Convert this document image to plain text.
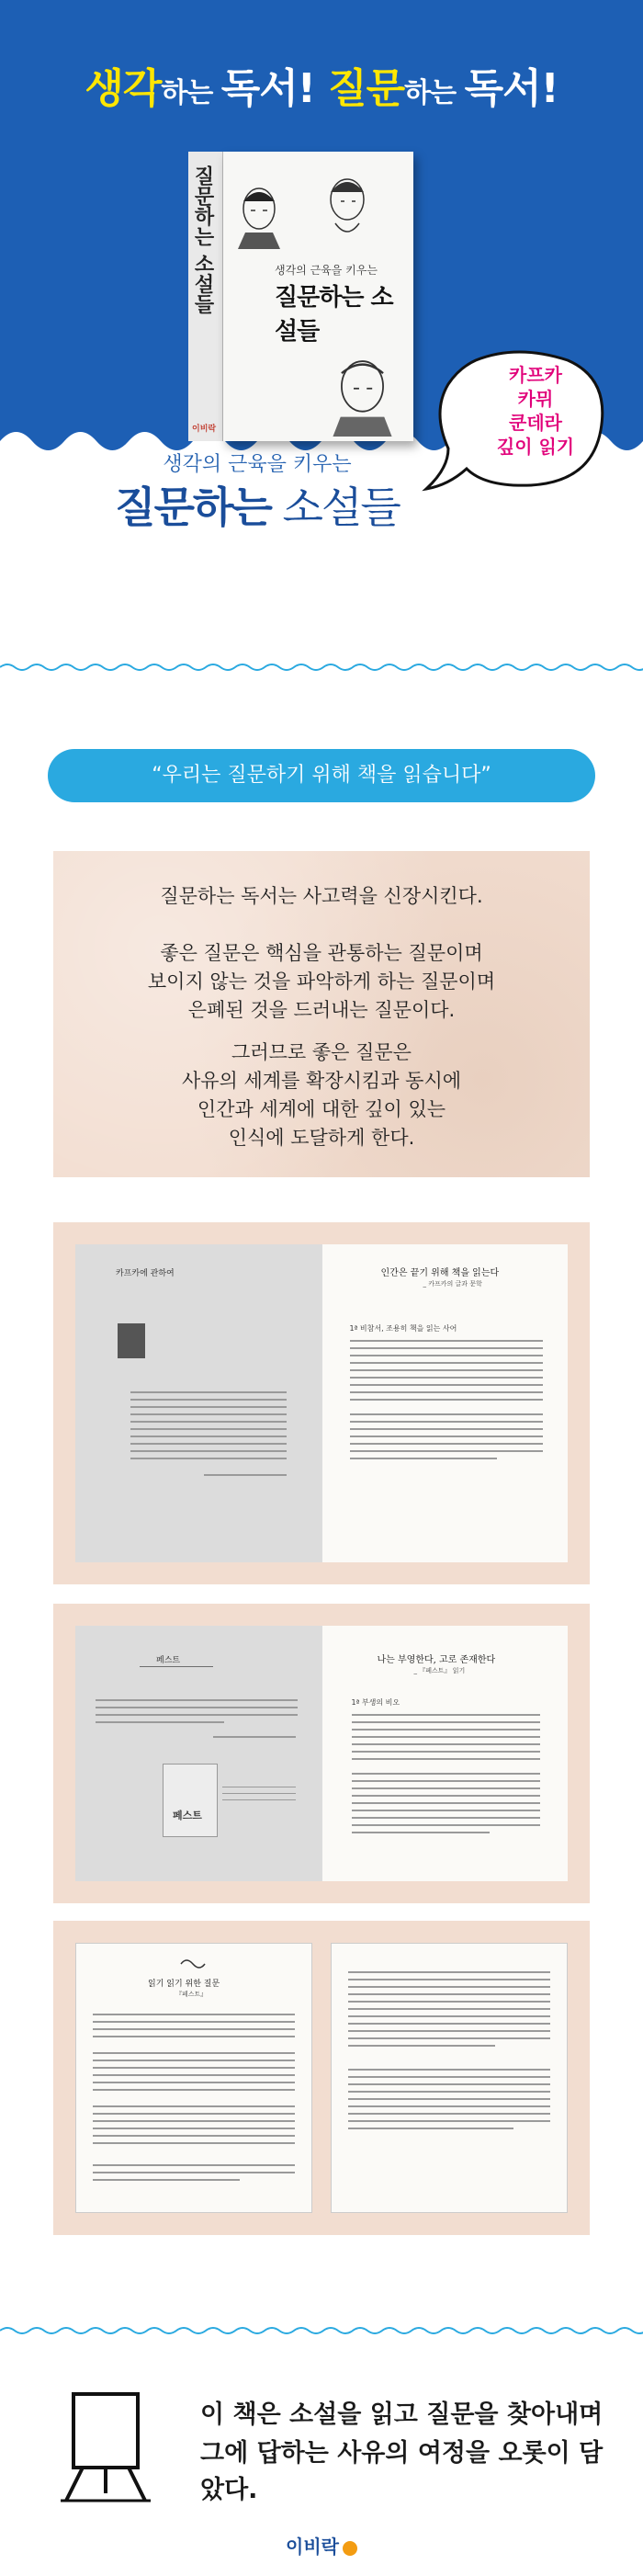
생각하는 독서! 질문하는 독서!
질문하는 소설들
이비락
생각의 근육을 키우는
질문하는 소설들
카프카
카뮈
쿤데라
깊이 읽기
생각의 근육을 키우는
질문하는 소설들
“우리는 질문하기 위해 책을 읽습니다”
질문하는 독서는 사고력을 신장시킨다.
좋은 질문은 핵심을 관통하는 질문이며
보이지 않는 것을 파악하게 하는 질문이며
은폐된 것을 드러내는 질문이다.
그러므로 좋은 질문은
사유의 세계를 확장시킴과 동시에
인간과 세계에 대한 깊이 있는
인식에 도달하게 한다.
카프카에 관하여	인간은 끝기 위해 책을 읽는다
_ 카프카의 글과 문학
1ª 비참서, 조용히 책을 읽는 사어
페스트
페스트
나는 부영한다, 고로 존재한다
_ 『페스트』 읽기
1ª 부생의 비오
읽기 읽기 위한 질문
『페스트』
이 책은 소설을 읽고 질문을 찾아내며
그에 답하는 사유의 여정을 오롯이 담았다.
이비락
